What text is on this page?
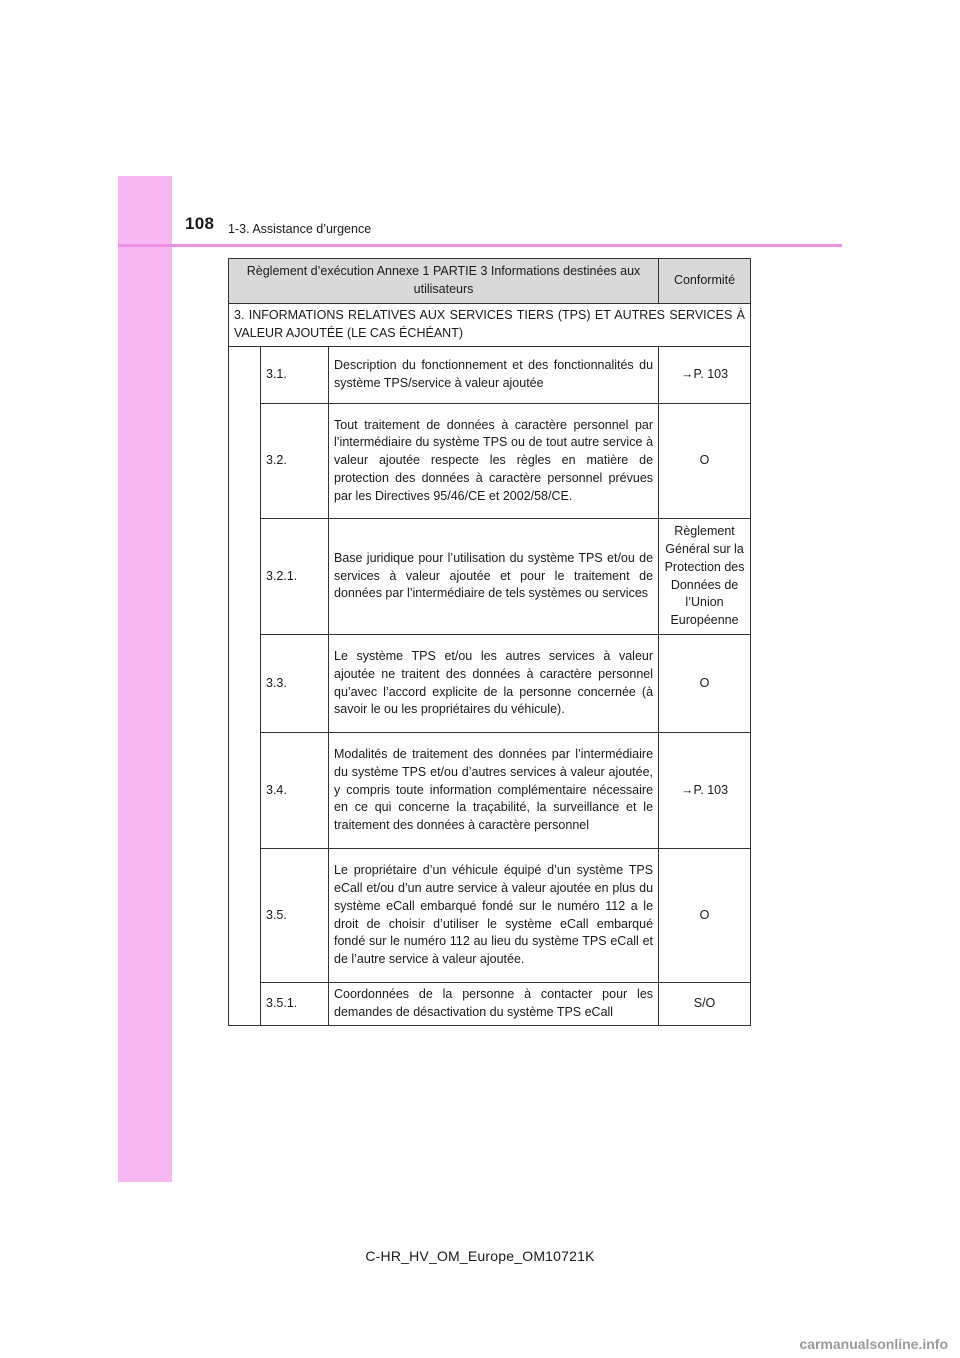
108 1-3. Assistance d’urgence
Règlement d’exécution Annexe 1 PARTIE 3 Informations destinées aux utilisateurs			Conformité
3. INFORMATIONS RELATIVES AUX SERVICES TIERS (TPS) ET AUTRES SERVICES À VALEUR AJOUTÉE (LE CAS ÉCHÉANT)			
	3.1.	Description du fonctionnement et des fonctionnalités du système TPS/service à valeur ajoutée	→P. 103
	3.2.	Tout traitement de données à caractère personnel par l’intermédiaire du système TPS ou de tout autre service à valeur ajoutée respecte les règles en matière de protection des données à caractère personnel prévues par les Directives 95/46/CE et 2002/58/CE.	O
	3.2.1.	Base juridique pour l’utilisation du système TPS et/ou de services à valeur ajoutée et pour le traitement de données par l’intermédiaire de tels systèmes ou services	Règlement Général sur la Protection des Données de l’Union Européenne
	3.3.	Le système TPS et/ou les autres services à valeur ajoutée ne traitent des données à caractère personnel qu’avec l’accord explicite de la personne concernée (à savoir le ou les propriétaires du véhicule).	O
	3.4.	Modalités de traitement des données par l’intermédiaire du système TPS et/ou d’autres services à valeur ajoutée, y compris toute information complémentaire nécessaire en ce qui concerne la traçabilité, la surveillance et le traitement des données à caractère personnel	→P. 103
	3.5.	Le propriétaire d’un véhicule équipé d’un système TPS eCall et/ou d’un autre service à valeur ajoutée en plus du système eCall embarqué fondé sur le numéro 112 a le droit de choisir d’utiliser le système eCall embarqué fondé sur le numéro 112 au lieu du système TPS eCall et de l’autre service à valeur ajoutée.	O
	3.5.1.	Coordonnées de la personne à contacter pour les demandes de désactivation du système TPS eCall	S/O
C-HR_HV_OM_Europe_OM10721K
carmanualsonline.info
